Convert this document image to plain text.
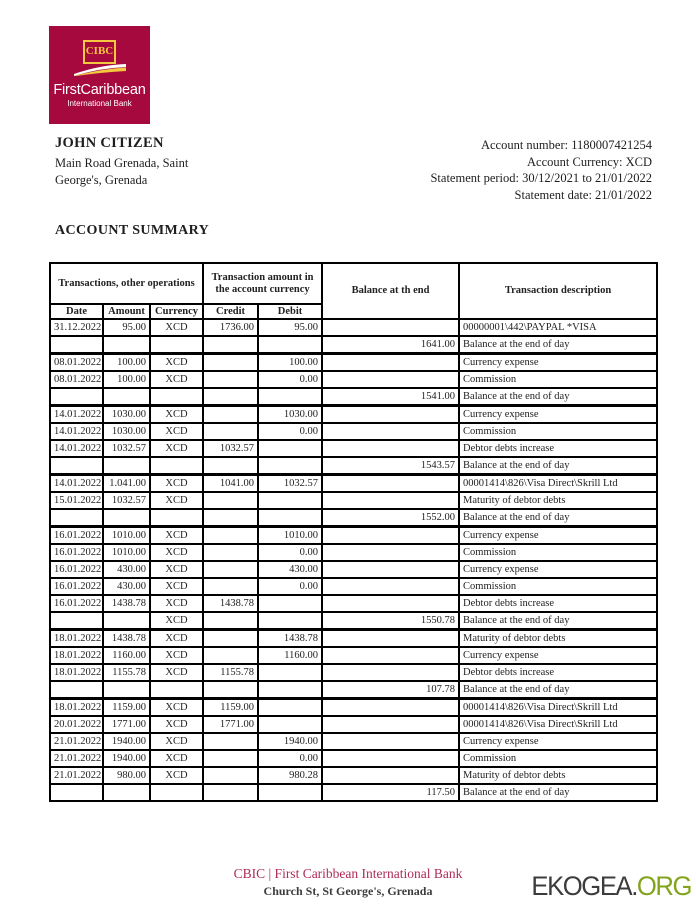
CIBC
FirstCaribbean
International Bank
JOHN CITIZEN
Main Road Grenada, Saint
George's, Grenada
Account number: 1180007421254
Account Currency: XCD
Statement period: 30/12/2021 to 21/01/2022
Statement date: 21/01/2022
ACCOUNT SUMMARY
Transactions, other operations			Transaction amount in the account currency		Balance at th end	Transaction description
Date	Amount	Currency	Credit	Debit		
31.12.2022	95.00	XCD	1736.00	95.00		00000001\442\PAYPAL *VISA
					1641.00	Balance at the end of day
08.01.2022	100.00	XCD		100.00		Currency expense
08.01.2022	100.00	XCD		0.00		Commission
					1541.00	Balance at the end of day
14.01.2022	1030.00	XCD		1030.00		Currency expense
14.01.2022	1030.00	XCD		0.00		Commission
14.01.2022	1032.57	XCD	1032.57			Debtor debts increase
					1543.57	Balance at the end of day
14.01.2022	1.041.00	XCD	1041.00	1032.57		00001414\826\Visa Direct\Skrill Ltd
15.01.2022	1032.57	XCD				Maturity of debtor debts
					1552.00	Balance at the end of day
16.01.2022	1010.00	XCD		1010.00		Currency expense
16.01.2022	1010.00	XCD		0.00		Commission
16.01.2022	430.00	XCD		430.00		Currency expense
16.01.2022	430.00	XCD		0.00		Commission
16.01.2022	1438.78	XCD	1438.78			Debtor debts increase
		XCD			1550.78	Balance at the end of day
18.01.2022	1438.78	XCD		1438.78		Maturity of debtor debts
18.01.2022	1160.00	XCD		1160.00		Currency expense
18.01.2022	1155.78	XCD	1155.78			Debtor debts increase
					107.78	Balance at the end of day
18.01.2022	1159.00	XCD	1159.00			00001414\826\Visa Direct\Skrill Ltd
20.01.2022	1771.00	XCD	1771.00			00001414\826\Visa Direct\Skrill Ltd
21.01.2022	1940.00	XCD		1940.00		Currency expense
21.01.2022	1940.00	XCD		0.00		Commission
21.01.2022	980.00	XCD		980.28		Maturity of debtor debts
					117.50	Balance at the end of day
CBIC | First Caribbean International Bank
Church St, St George's, Grenada	EKOGEA.ORG
